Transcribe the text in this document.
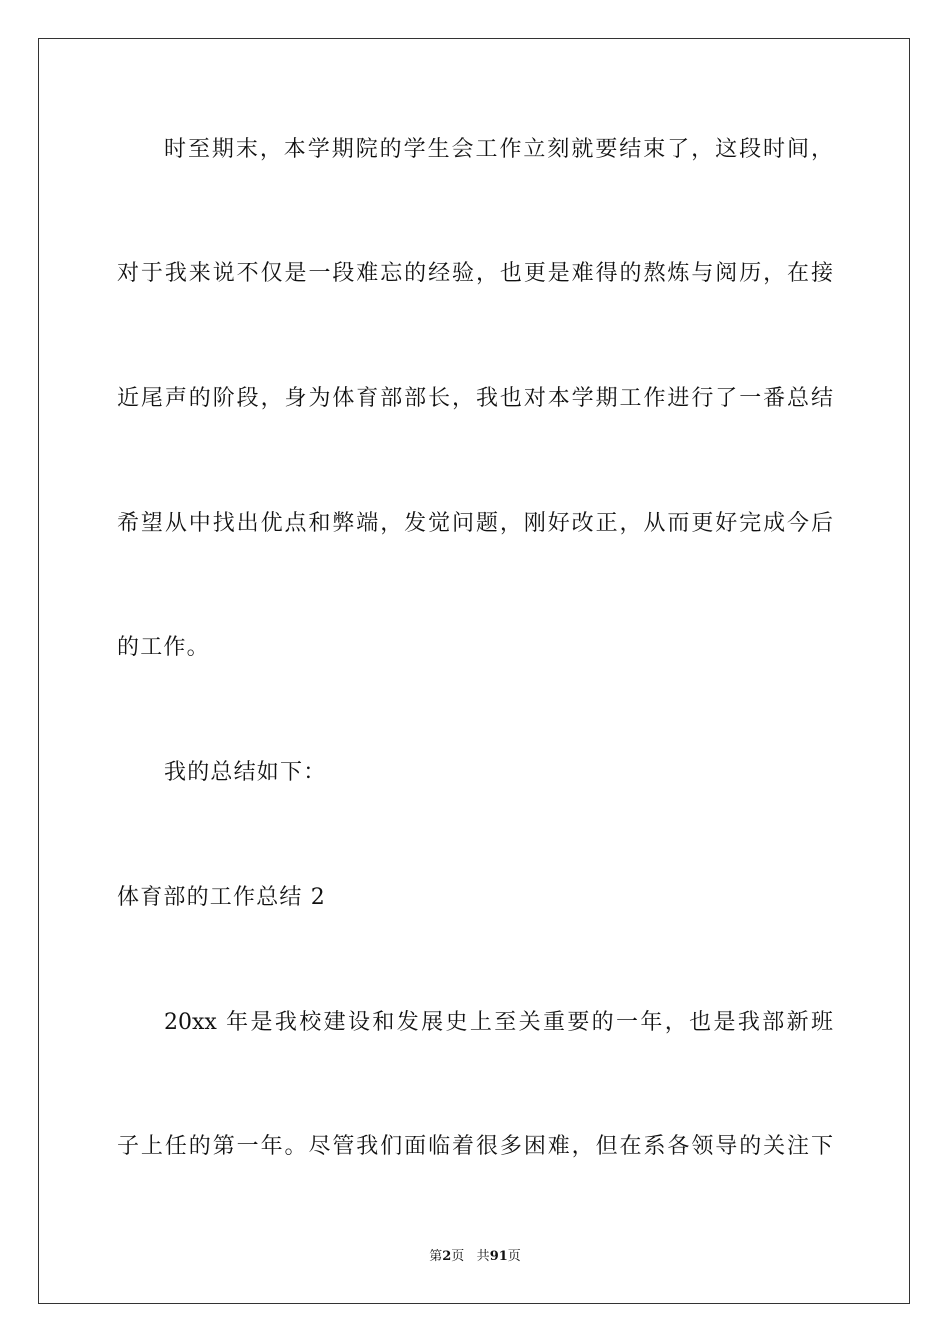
时至期末，本学期院的学生会工作立刻就要结束了，这段时间，
对于我来说不仅是一段难忘的经验，也更是难得的熬炼与阅历，在接
近尾声的阶段，身为体育部部长，我也对本学期工作进行了一番总结
希望从中找出优点和弊端，发觉问题，刚好改正，从而更好完成今后
的工作。
我的总结如下：
体育部的工作总结 2
20xx 年是我校建设和发展史上至关重要的一年，也是我部新班
子上任的第一年。尽管我们面临着很多困难，但在系各领导的关注下
第2页 共91页
